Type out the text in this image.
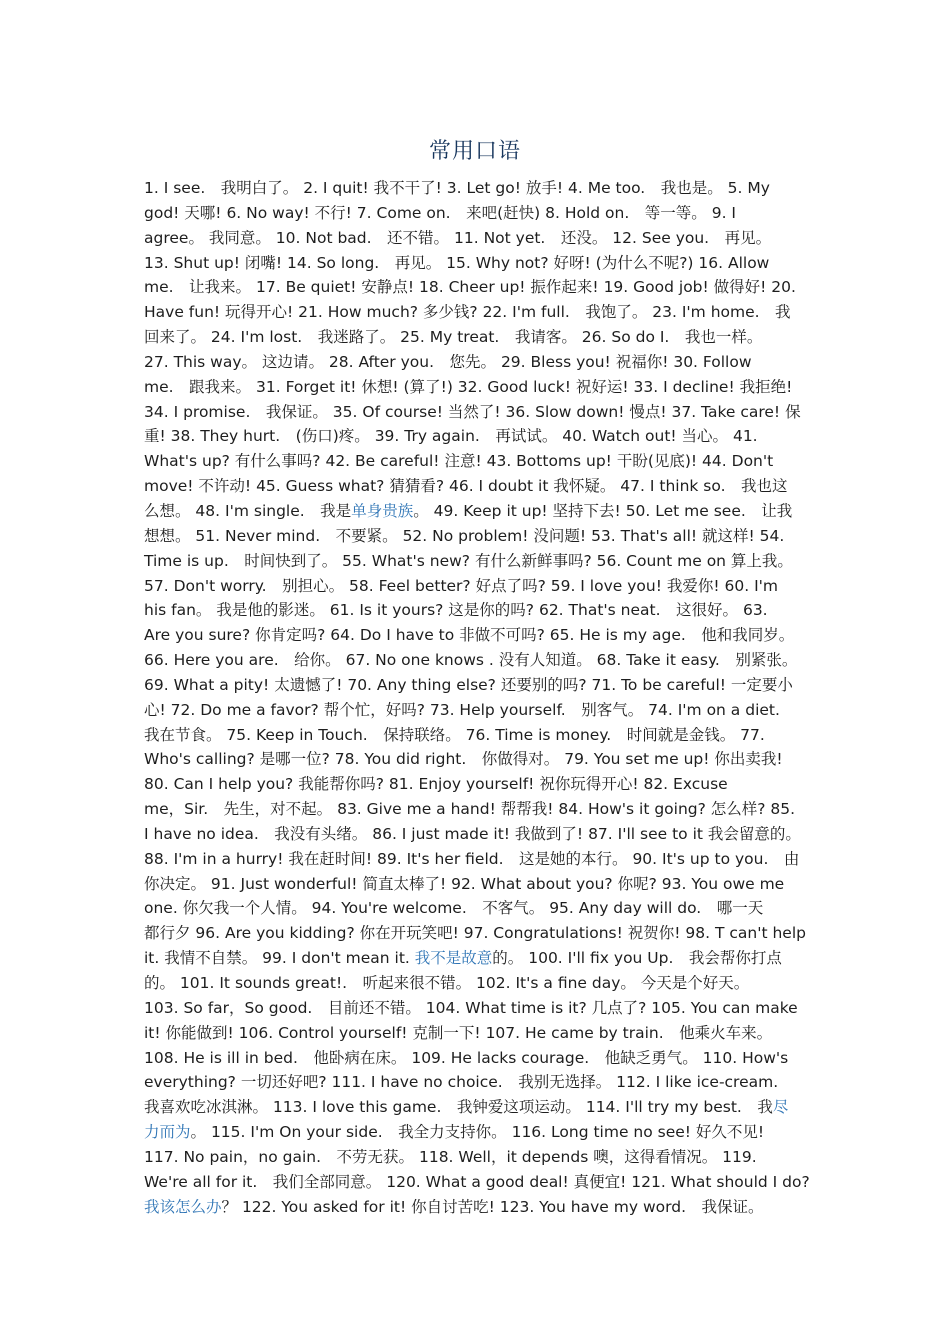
常用口语
1. I see.　我明白了。 2. I quit! 我不干了! 3. Let go! 放手! 4. Me too.　我也是。 5. My
god! 天哪! 6. No way! 不行! 7. Come on.　来吧(赶快) 8. Hold on.　等一等。 9. I
agree。 我同意。 10. Not bad.　还不错。 11. Not yet.　还没。 12. See you.　再见。
13. Shut up! 闭嘴! 14. So long.　再见。 15. Why not? 好呀! (为什么不呢?) 16. Allow
me.　让我来。 17. Be quiet! 安静点! 18. Cheer up! 振作起来! 19. Good job! 做得好! 20.
Have fun! 玩得开心! 21. How much? 多少钱? 22. I'm full.　我饱了。 23. I'm home.　我
回来了。 24. I'm lost.　我迷路了。 25. My treat.　我请客。 26. So do I.　我也一样。
27. This way。 这边请。 28. After you.　您先。 29. Bless you! 祝福你! 30. Follow
me.　跟我来。 31. Forget it! 休想! (算了!) 32. Good luck! 祝好运! 33. I decline! 我拒绝!
34. I promise.　我保证。 35. Of course! 当然了! 36. Slow down! 慢点! 37. Take care! 保
重! 38. They hurt.　(伤口)疼。 39. Try again.　再试试。 40. Watch out! 当心。 41.
What's up? 有什么事吗? 42. Be careful! 注意! 43. Bottoms up! 干盼(见底)! 44. Don't
move! 不许动! 45. Guess what? 猜猜看? 46. I doubt it 我怀疑。 47. I think so.　我也这
么想。 48. I'm single.　我是单身贵族。 49. Keep it up! 坚持下去! 50. Let me see.　让我
想想。 51. Never mind.　不要紧。 52. No problem! 没问题! 53. That's all! 就这样! 54.
Time is up.　时间快到了。 55. What's new? 有什么新鲜事吗? 56. Count me on 算上我。
57. Don't worry.　别担心。 58. Feel better? 好点了吗? 59. I love you! 我爱你! 60. I'm
his fan。 我是他的影迷。 61. Is it yours? 这是你的吗? 62. That's neat.　这很好。 63.
Are you sure? 你肯定吗? 64. Do I have to 非做不可吗? 65. He is my age.　他和我同岁。
66. Here you are.　给你。 67. No one knows . 没有人知道。 68. Take it easy.　别紧张。
69. What a pity! 太遗憾了! 70. Any thing else? 还要别的吗? 71. To be careful! 一定要小
心! 72. Do me a favor? 帮个忙，好吗? 73. Help yourself.　别客气。 74. I'm on a diet.
我在节食。 75. Keep in Touch.　保持联络。 76. Time is money.　时间就是金钱。 77.
Who's calling? 是哪一位? 78. You did right.　你做得对。 79. You set me up! 你出卖我!
80. Can I help you? 我能帮你吗? 81. Enjoy yourself! 祝你玩得开心! 82. Excuse
me，Sir.　先生，对不起。 83. Give me a hand! 帮帮我! 84. How's it going? 怎么样? 85.
I have no idea.　我没有头绪。 86. I just made it! 我做到了! 87. I'll see to it 我会留意的。
88. I'm in a hurry! 我在赶时间! 89. It's her field.　这是她的本行。 90. It's up to you.　由
你决定。 91. Just wonderful! 简直太棒了! 92. What about you? 你呢? 93. You owe me
one. 你欠我一个人情。 94. You're welcome.　不客气。 95. Any day will do.　哪一天
都行夕 96. Are you kidding? 你在开玩笑吧! 97. Congratulations! 祝贺你! 98. T can't help
it. 我情不自禁。 99. I don't mean it. 我不是故意的。 100. I'll fix you Up.　我会帮你打点
的。 101. It sounds great!.　听起来很不错。 102. It's a fine day。 今天是个好天。
103. So far，So good.　目前还不错。 104. What time is it? 几点了? 105. You can make
it! 你能做到! 106. Control yourself! 克制一下! 107. He came by train.　他乘火车来。
108. He is ill in bed.　他卧病在床。 109. He lacks courage.　他缺乏勇气。 110. How's
everything? 一切还好吧? 111. I have no choice.　我别无选择。 112. I like ice-cream.
我喜欢吃冰淇淋。 113. I love this game.　我钟爱这项运动。 114. I'll try my best.　我尽
力而为。 115. I'm On your side.　我全力支持你。 116. Long time no see! 好久不见!
117. No pain，no gain.　不劳无获。 118. Well，it depends 噢，这得看情况。 119.
We're all for it.　我们全部同意。 120. What a good deal! 真便宜! 121. What should I do?
我该怎么办？ 122. You asked for it! 你自讨苦吃! 123. You have my word.　我保证。
